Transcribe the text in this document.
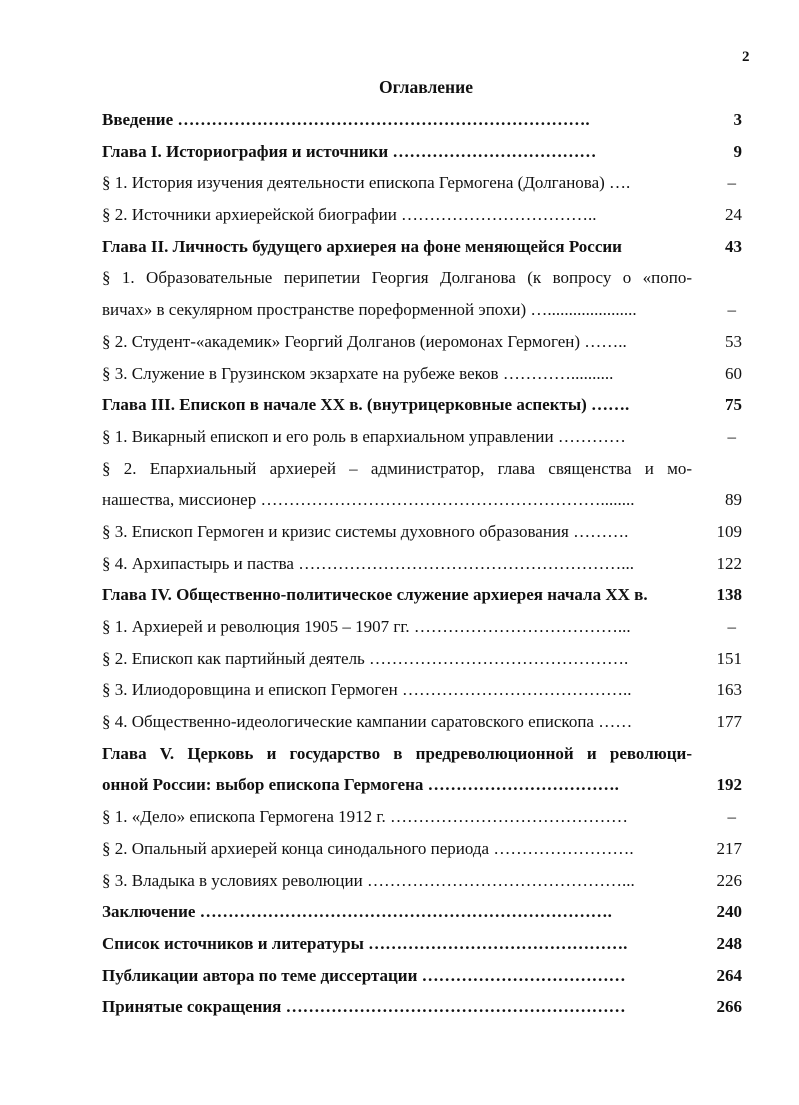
2
Оглавление
Введение ……………………………………………………………….	3
Глава I. Историография и источники ………………………………	9
§ 1. История изучения деятельности епископа Гермогена (Долганова) ….	–
§ 2. Источники архиерейской биографии ……………………………..	24
Глава II. Личность будущего архиерея на фоне меняющейся России	43
§ 1. Образовательные перипетии Георгия Долганова (к вопросу о «попо-
вичах» в секулярном пространстве пореформенной эпохи) ….....................	–
§ 2. Студент-«академик» Георгий Долганов (иеромонах Гермоген) ……..	53
§ 3. Служение в Грузинском экзархате на рубеже веков …………..........	60
Глава III. Епископ в начале ХХ в. (внутрицерковные аспекты) …….	75
§ 1. Викарный епископ и его роль в епархиальном управлении …………	–
§ 2. Епархиальный архиерей – администратор, глава священства и мо-
нашества, миссионер ……………………………………………………........	89
§ 3. Епископ Гермоген и кризис системы духовного образования ……….	109
§ 4. Архипастырь и паства …………………………………………………...	122
Глава IV. Общественно-политическое служение архиерея начала ХХ в.	138
§ 1. Архиерей и революция 1905 – 1907 гг. ………………………………...	–
§ 2. Епископ как партийный деятель ……………………………………….	151
§ 3. Илиодоровщина и епископ Гермоген …………………………………..	163
§ 4. Общественно-идеологические кампании саратовского епископа ……	177
Глава V. Церковь и государство в предреволюционной и революци-
онной России: выбор епископа Гермогена …………………………….	192
§ 1. «Дело» епископа Гермогена 1912 г. ……………………………………	–
§ 2. Опальный архиерей конца синодального периода …………………….	217
§ 3. Владыка в условиях революции ………………………………………...	226
Заключение ……………………………………………………………….	240
Список источников и литературы ……………………………………….	248
Публикации автора по теме диссертации ………………………………	264
Принятые сокращения ……………………………………………………	266
